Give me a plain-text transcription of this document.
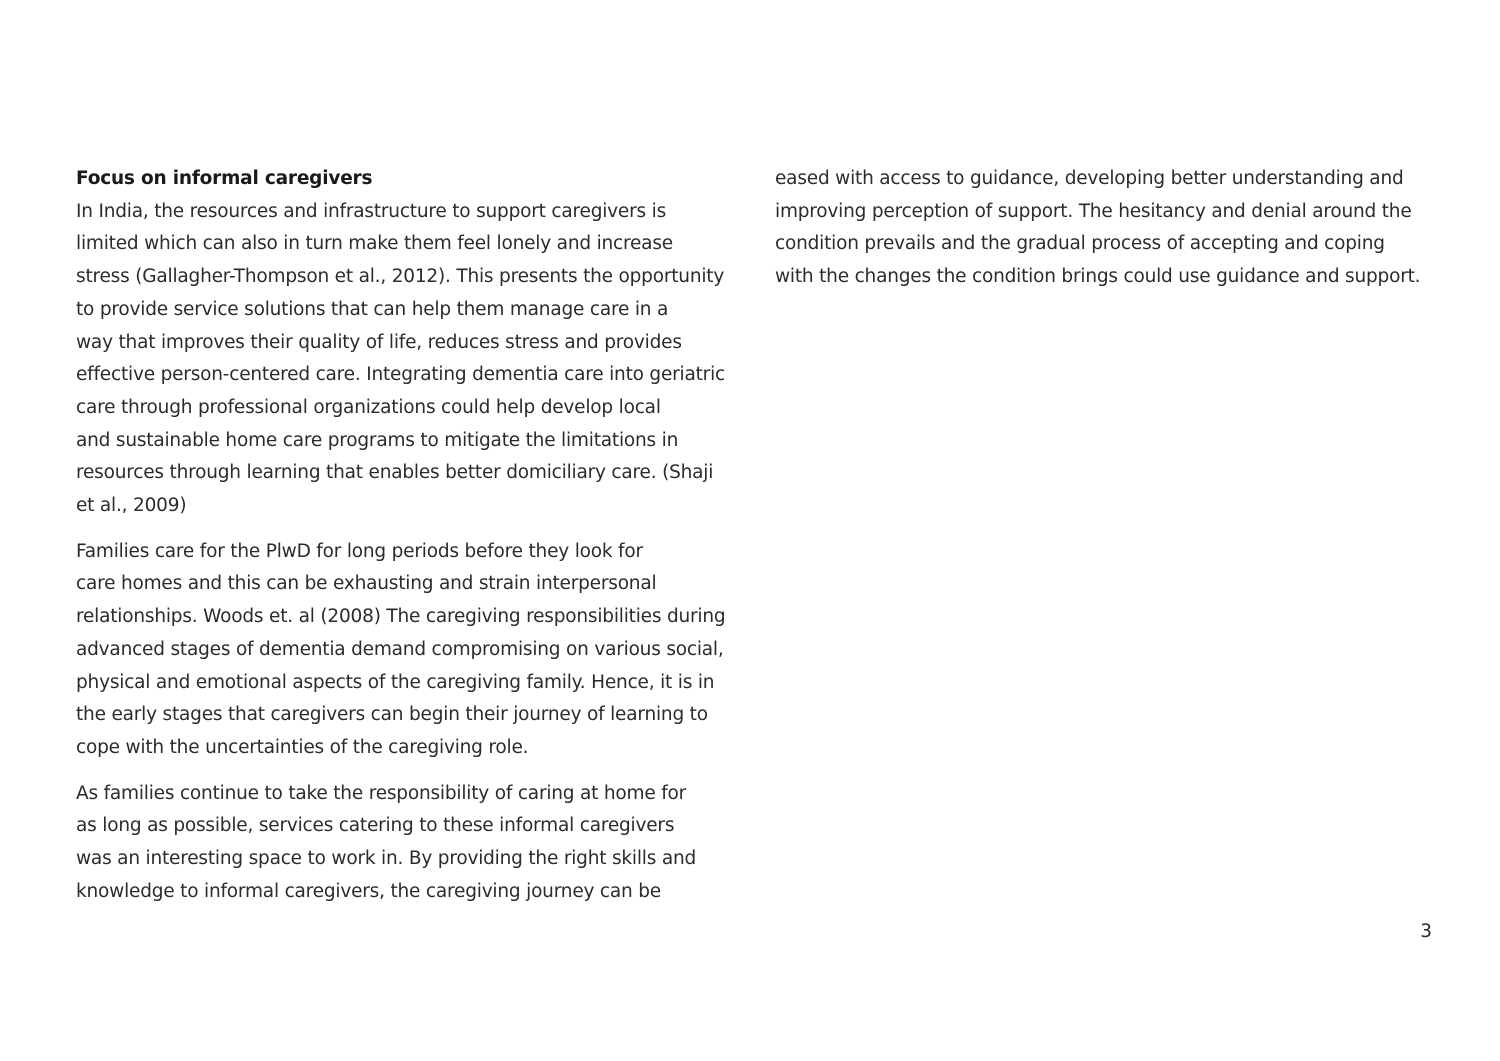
Focus on informal caregivers
In India, the resources and infrastructure to support caregivers is
limited which can also in turn make them feel lonely and increase
stress (Gallagher-Thompson et al., 2012). This presents the opportunity
to provide service solutions that can help them manage care in a
way that improves their quality of life, reduces stress and provides
effective person-centered care. Integrating dementia care into geriatric
care through professional organizations could help develop local
and sustainable home care programs to mitigate the limitations in
resources through learning that enables better domiciliary care. (Shaji
et al., 2009)
Families care for the PlwD for long periods before they look for
care homes and this can be exhausting and strain interpersonal
relationships. Woods et. al (2008) The caregiving responsibilities during
advanced stages of dementia demand compromising on various social,
physical and emotional aspects of the caregiving family. Hence, it is in
the early stages that caregivers can begin their journey of learning to
cope with the uncertainties of the caregiving role.
As families continue to take the responsibility of caring at home for
as long as possible, services catering to these informal caregivers
was an interesting space to work in. By providing the right skills and
knowledge to informal caregivers, the caregiving journey can be
eased with access to guidance, developing better understanding and
improving perception of support. The hesitancy and denial around the
condition prevails and the gradual process of accepting and coping
with the changes the condition brings could use guidance and support.
3
